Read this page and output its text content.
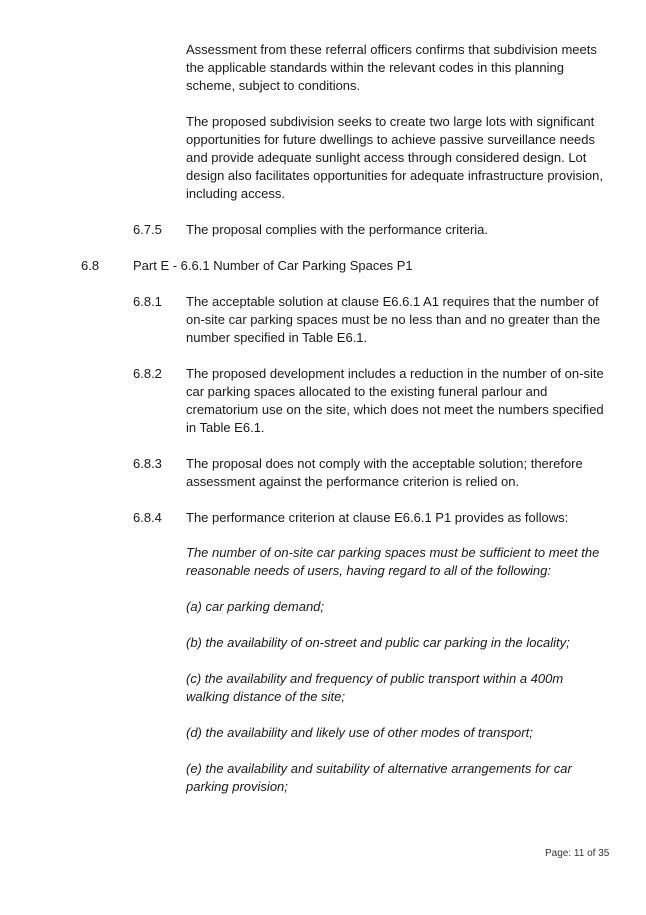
Assessment from these referral officers confirms that subdivision meets the applicable standards within the relevant codes in this planning scheme, subject to conditions.

The proposed subdivision seeks to create two large lots with significant opportunities for future dwellings to achieve passive surveillance needs and provide adequate sunlight access through considered design. Lot design also facilitates opportunities for adequate infrastructure provision, including access.

6.7.5 The proposal complies with the performance criteria.

6.8	Part E - 6.6.1 Number of Car Parking Spaces P1

6.8.1 The acceptable solution at clause E6.6.1 A1 requires that the number of on-site car parking spaces must be no less than and no greater than the number specified in Table E6.1.

6.8.2 The proposed development includes a reduction in the number of on-site car parking spaces allocated to the existing funeral parlour and crematorium use on the site, which does not meet the numbers specified in Table E6.1.

6.8.3 The proposal does not comply with the acceptable solution; therefore assessment against the performance criterion is relied on.

6.8.4 The performance criterion at clause E6.6.1 P1 provides as follows:

The number of on-site car parking spaces must be sufficient to meet the reasonable needs of users, having regard to all of the following:

(a) car parking demand;

(b) the availability of on-street and public car parking in the locality;

(c) the availability and frequency of public transport within a 400m walking distance of the site;

(d) the availability and likely use of other modes of transport;

(e) the availability and suitability of alternative arrangements for car parking provision;

Page: 11 of 35
